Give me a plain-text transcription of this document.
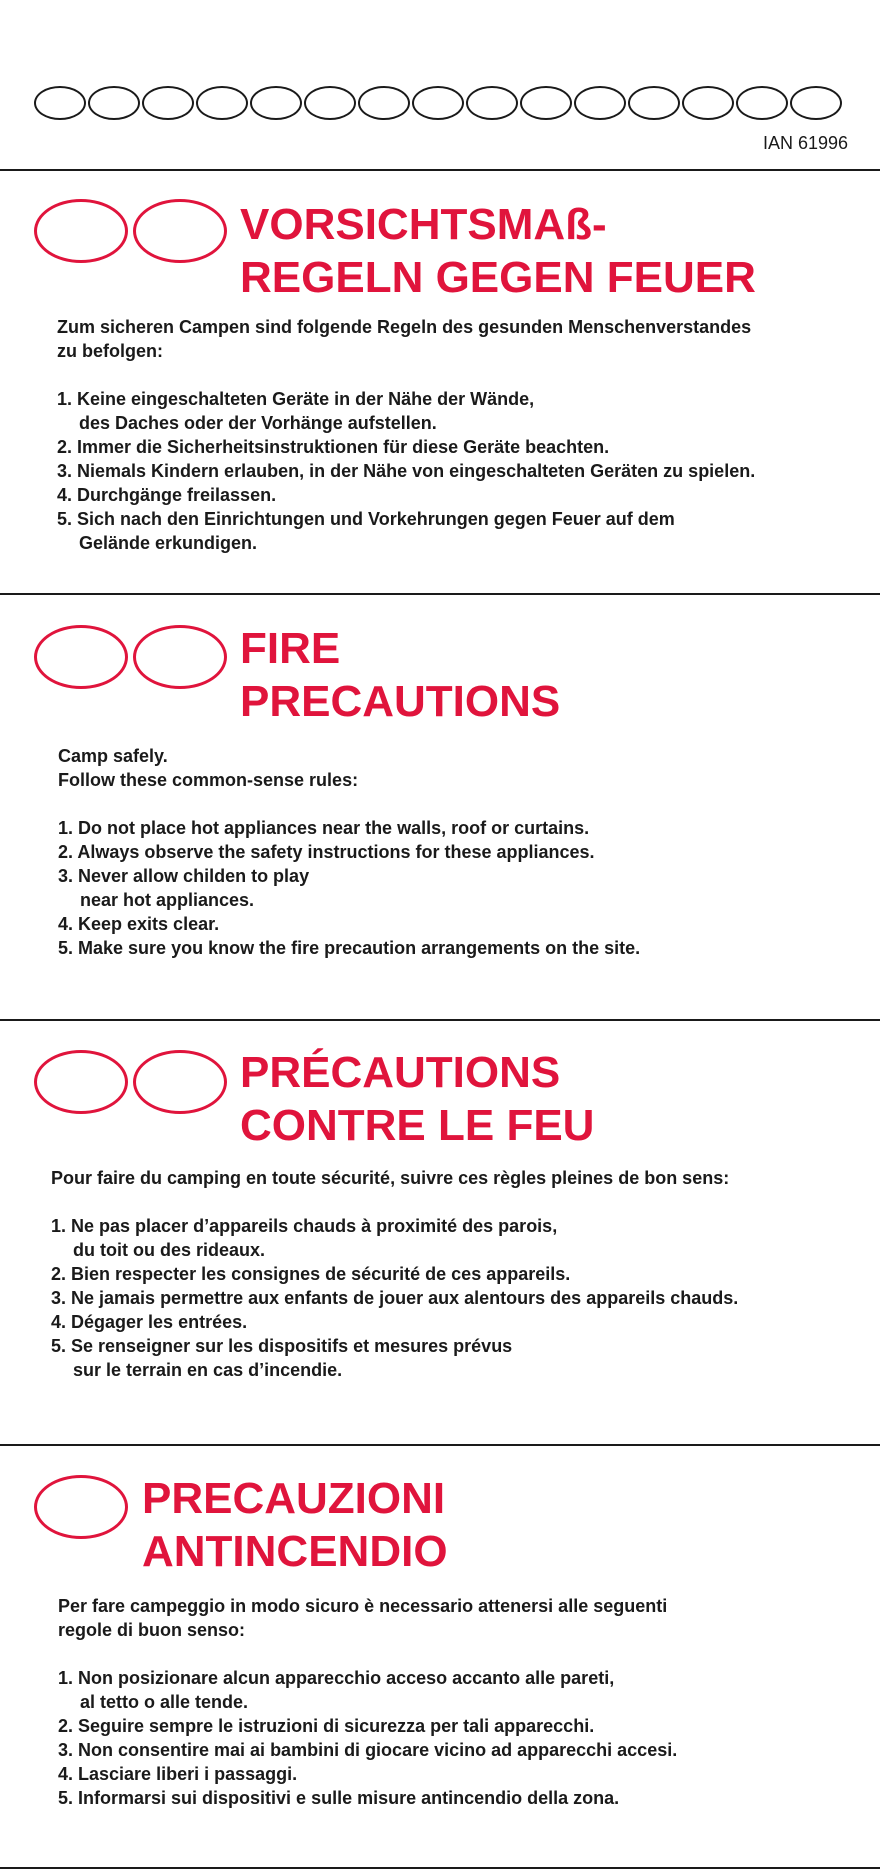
IAN 61996
VORSICHTSMAß-
REGELN GEGEN FEUER

Zum sicheren Campen sind folgende Regeln des gesunden Menschenverstandes

zu befolgen:

1. Keine eingeschalteten Geräte in der Nähe der Wände,

des Daches oder der Vorhänge aufstellen.

2. Immer die Sicherheitsinstruktionen für diese Geräte beachten.

3. Niemals Kindern erlauben, in der Nähe von eingeschalteten Geräten zu spielen.

4. Durchgänge freilassen.

5. Sich nach den Einrichtungen und Vorkehrungen gegen Feuer auf dem

Gelände erkundigen.

FIRE
PRECAUTIONS

Camp safely.

Follow these common-sense rules:

1. Do not place hot appliances near the walls, roof or curtains.

2. Always observe the safety instructions for these appliances.

3. Never allow childen to play

near hot appliances.

4. Keep exits clear.

5. Make sure you know the fire precaution arrangements on the site.

PRÉCAUTIONS
CONTRE LE FEU

Pour faire du camping en toute sécurité, suivre ces règles pleines de bon sens:

1. Ne pas placer d’appareils chauds à proximité des parois,

du toit ou des rideaux.

2. Bien respecter les consignes de sécurité de ces appareils.

3. Ne jamais permettre aux enfants de jouer aux alentours des appareils chauds.

4. Dégager les entrées.

5. Se renseigner sur les dispositifs et mesures prévus

sur le terrain en cas d’incendie.

PRECAUZIONI
ANTINCENDIO

Per fare campeggio in modo sicuro è necessario attenersi alle seguenti

regole di buon senso:

1. Non posizionare alcun apparecchio acceso accanto alle pareti,

al tetto o alle tende.

2. Seguire sempre le istruzioni di sicurezza per tali apparecchi.

3. Non consentire mai ai bambini di giocare vicino ad apparecchi accesi.

4. Lasciare liberi i passaggi.

5. Informarsi sui dispositivi e sulle misure antincendio della zona.
